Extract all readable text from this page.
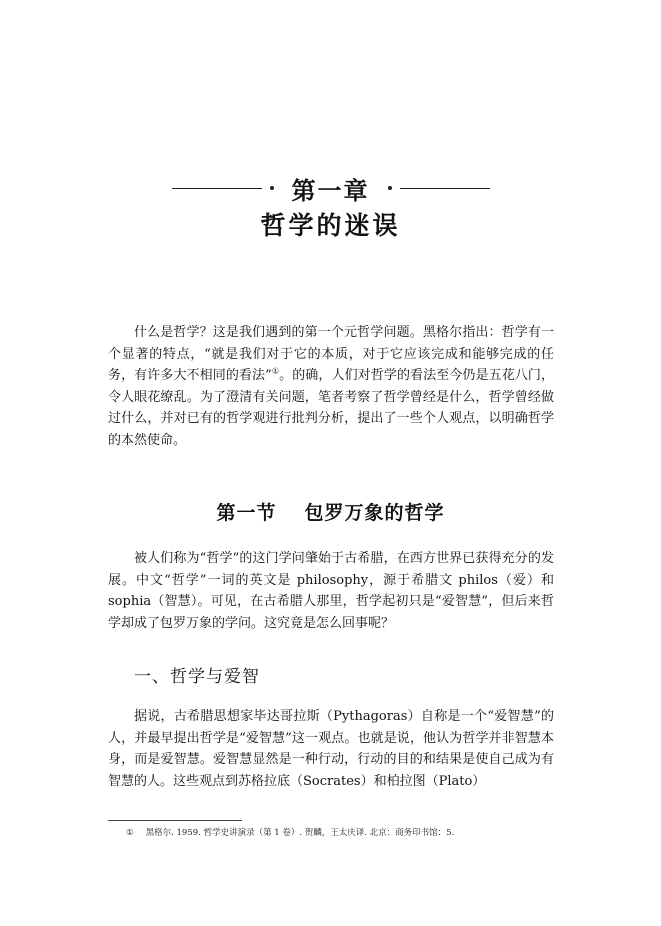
第一章
哲学的迷误

什么是哲学？这是我们遇到的第一个元哲学问题。黑格尔指出：哲学有一个显著的特点，“就是我们对于它的本质，对于它应该完成和能够完成的任务，有许多大不相同的看法”①。的确，人们对哲学的看法至今仍是五花八门，令人眼花缭乱。为了澄清有关问题，笔者考察了哲学曾经是什么，哲学曾经做过什么，并对已有的哲学观进行批判分析，提出了一些个人观点，以明确哲学的本然使命。

第一节 包罗万象的哲学

被人们称为“哲学”的这门学问肇始于古希腊，在西方世界已获得充分的发展。中文“哲学”一词的英文是 philosophy，源于希腊文 philos（爱）和 sophia（智慧）。可见，在古希腊人那里，哲学起初只是“爱智慧”，但后来哲学却成了包罗万象的学问。这究竟是怎么回事呢？

一、哲学与爱智

据说，古希腊思想家毕达哥拉斯（Pythagoras）自称是一个“爱智慧”的人，并最早提出哲学是“爱智慧”这一观点。也就是说，他认为哲学并非智慧本身，而是爱智慧。爱智慧显然是一种行动，行动的目的和结果是使自己成为有智慧的人。这些观点到苏格拉底（Socrates）和柏拉图（Plato）

① 黑格尔. 1959. 哲学史讲演录（第 1 卷）. 贺麟，王太庆译. 北京：商务印书馆：5.
